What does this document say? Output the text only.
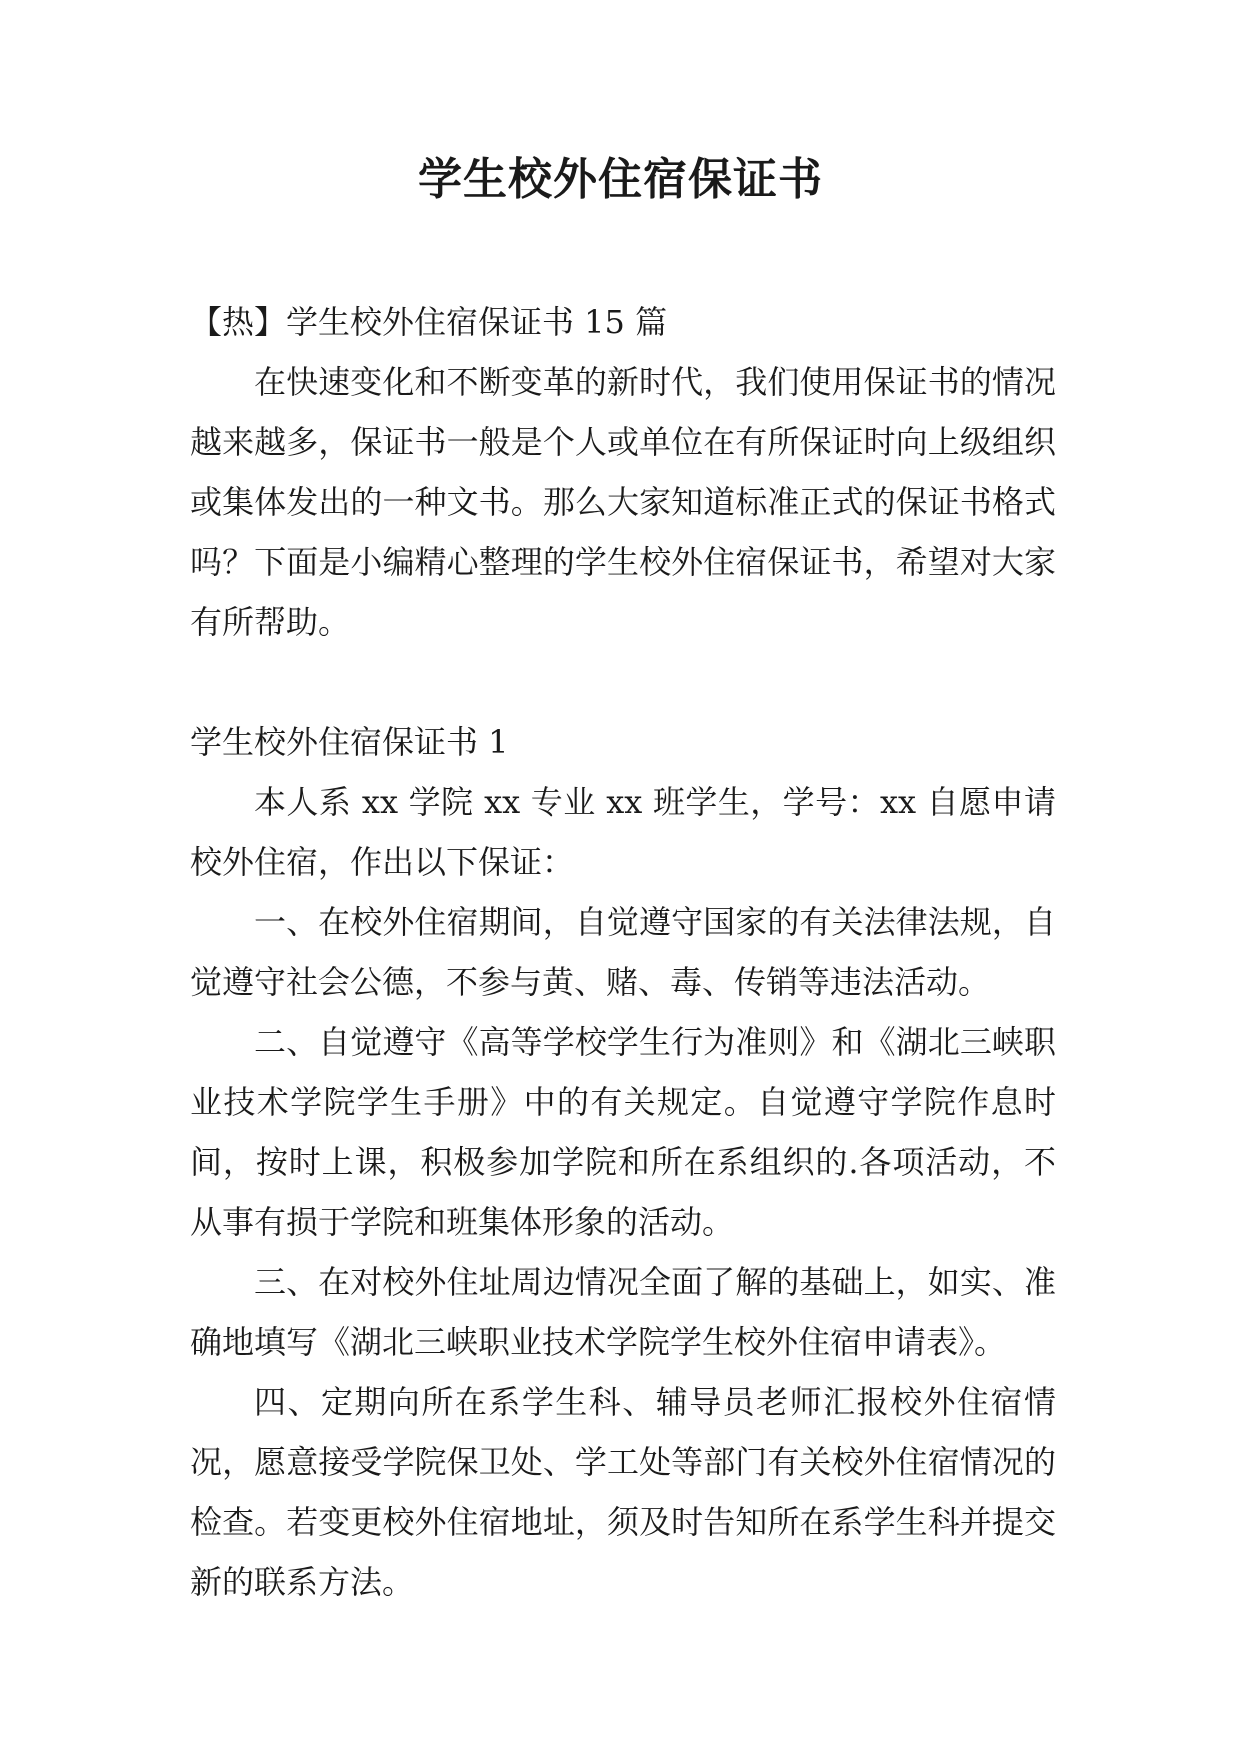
学生校外住宿保证书

【热】学生校外住宿保证书 15 篇

在快速变化和不断变革的新时代，我们使用保证书的情况越来越多，保证书一般是个人或单位在有所保证时向上级组织或集体发出的一种文书。那么大家知道标准正式的保证书格式吗？下面是小编精心整理的学生校外住宿保证书，希望对大家有所帮助。

学生校外住宿保证书 1

本人系 xx 学院 xx 专业 xx 班学生，学号：xx 自愿申请校外住宿，作出以下保证：

一、在校外住宿期间，自觉遵守国家的有关法律法规，自觉遵守社会公德，不参与黄、赌、毒、传销等违法活动。

二、自觉遵守《高等学校学生行为准则》和《湖北三峡职业技术学院学生手册》中的有关规定。自觉遵守学院作息时间，按时上课，积极参加学院和所在系组织的.各项活动，不从事有损于学院和班集体形象的活动。

三、在对校外住址周边情况全面了解的基础上，如实、准确地填写《湖北三峡职业技术学院学生校外住宿申请表》。

四、定期向所在系学生科、辅导员老师汇报校外住宿情况，愿意接受学院保卫处、学工处等部门有关校外住宿情况的检查。若变更校外住宿地址，须及时告知所在系学生科并提交新的联系方法。
